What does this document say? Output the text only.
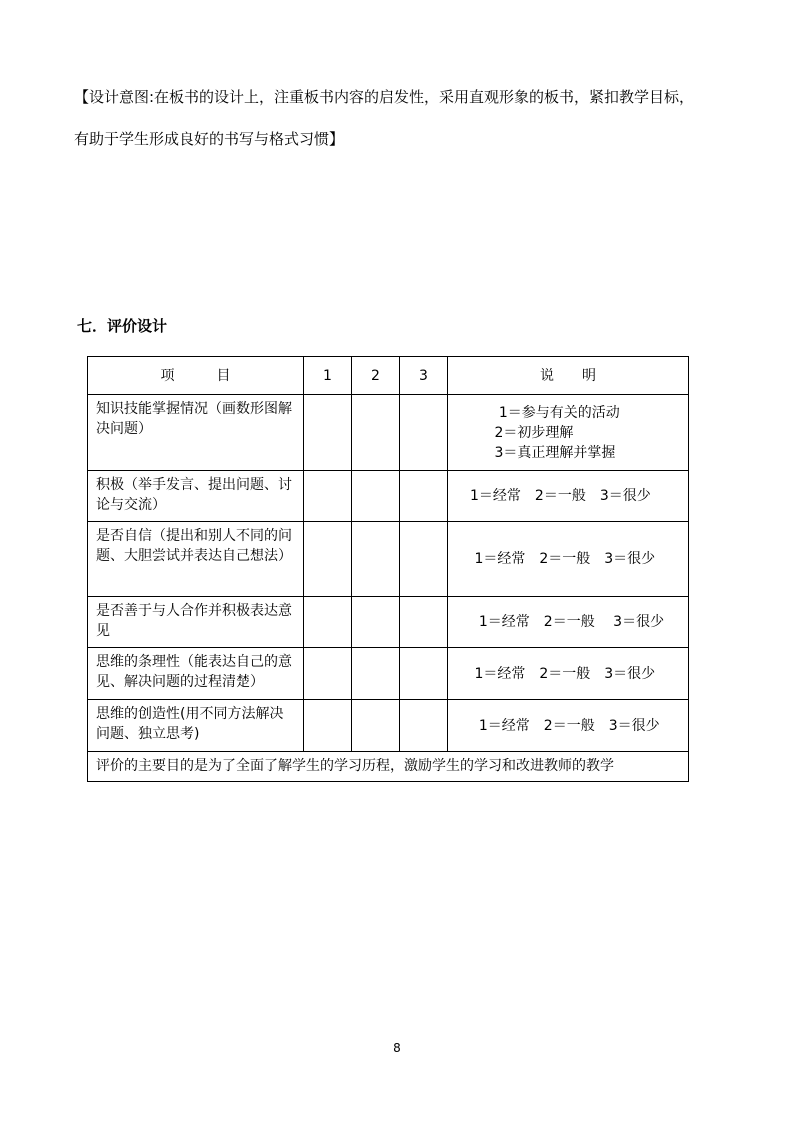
【设计意图:在板书的设计上，注重板书内容的启发性，采用直观形象的板书，紧扣教学目标，
有助于学生形成良好的书写与格式习惯】
七．评价设计
项　　　目	1	2	3	说　　明
知识技能掌握情况（画数形图解决问题）				1＝参与有关的活动
2＝初步理解
3＝真正理解并掌握

积极（举手发言、提出问题、讨论与交流）				1＝经常　2＝一般　3＝很少

是否自信（提出和别人不同的问题、大胆尝试并表达自己想法）				1＝经常　2＝一般　3＝很少

是否善于与人合作并积极表达意见				1＝经常　2＝一般　 3＝很少

思维的条理性（能表达自己的意见、解决问题的过程清楚）				1＝经常　2＝一般　3＝很少

思维的创造性(用不同方法解决问题、独立思考)				1＝经常　2＝一般　3＝很少

评价的主要目的是为了全面了解学生的学习历程，激励学生的学习和改进教师的教学				
8
